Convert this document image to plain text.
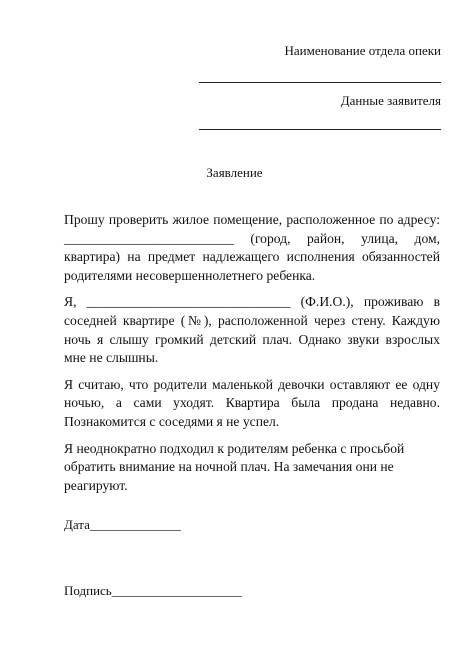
Наименование отдела опеки
Данные заявителя
Заявление

Прошу проверить жилое помещение, расположенное по адресу: _________________________ (город, район, улица, дом, квартира) на предмет надлежащего исполнения обязанностей родителями несовершеннолетнего ребенка.

Я, ______________________________ (Ф.И.О.), проживаю в соседней квартире (№), расположенной через стену. Каждую ночь я слышу громкий детский плач. Однако звуки взрослых мне не слышны.

Я считаю, что родители маленькой девочки оставляют ее одну ночью, а сами уходят. Квартира была продана недавно. Познакомится с соседями я не успел.

Я неоднократно подходил к родителям ребенка с просьбой обратить внимание на ночной плач. На замечания они не реагируют.

Дата______________
Подпись____________________
